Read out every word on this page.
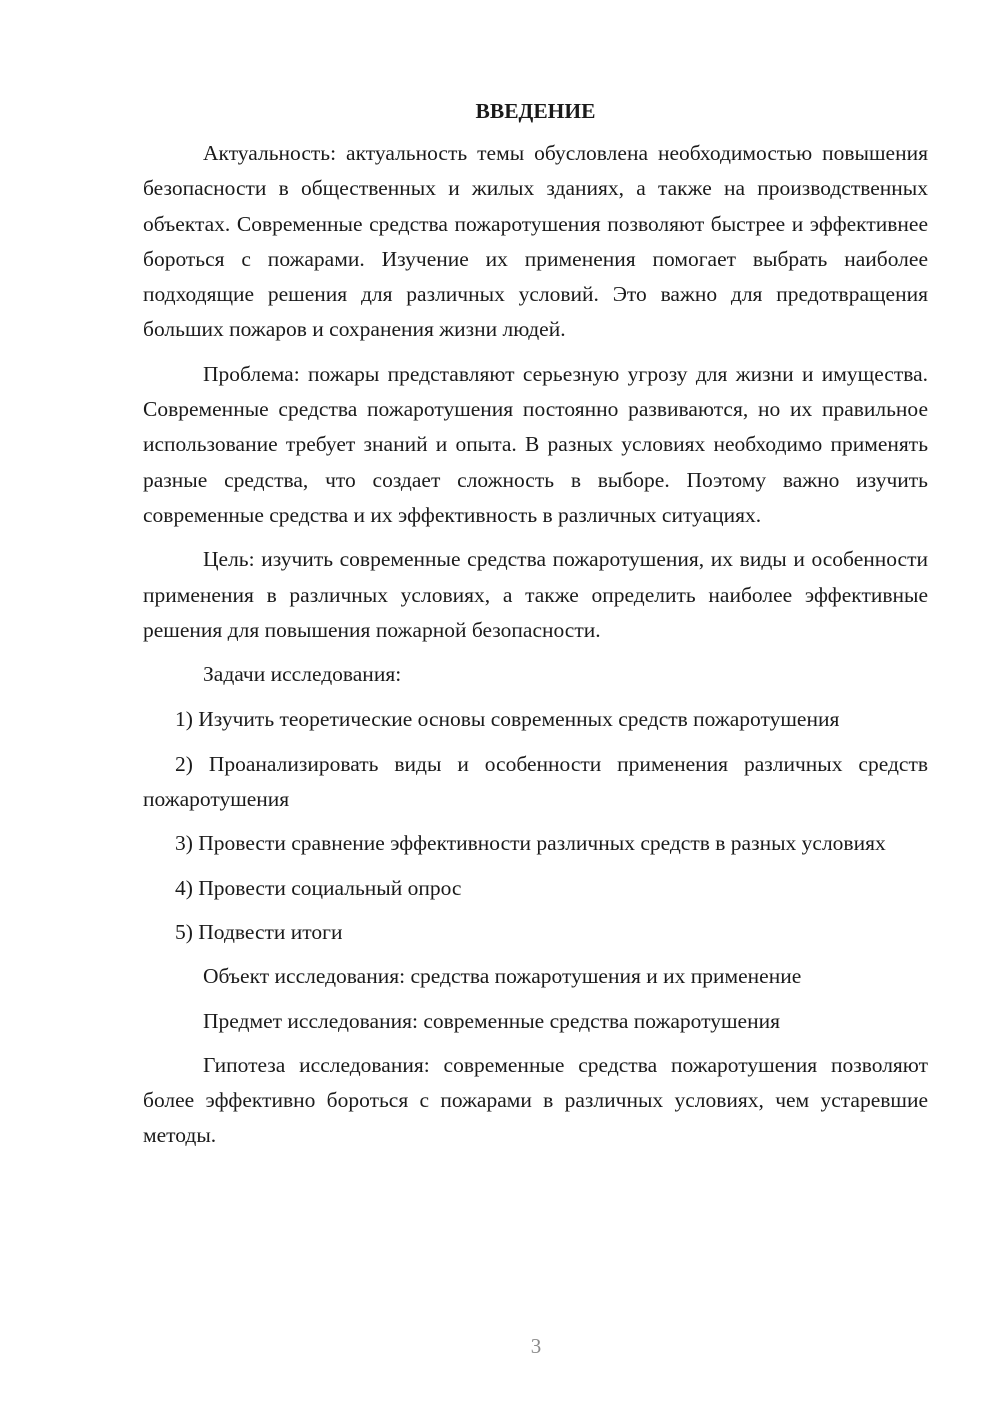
ВВЕДЕНИЕ

Актуальность: актуальность темы обусловлена необходимостью повышения безопасности в общественных и жилых зданиях, а также на производственных объектах. Современные средства пожаротушения позволяют быстрее и эффективнее бороться с пожарами. Изучение их применения помогает выбрать наиболее подходящие решения для различных условий. Это важно для предотвращения больших пожаров и сохранения жизни людей.

Проблема: пожары представляют серьезную угрозу для жизни и имущества. Современные средства пожаротушения постоянно развиваются, но их правильное использование требует знаний и опыта. В разных условиях необходимо применять разные средства, что создает сложность в выборе. Поэтому важно изучить современные средства и их эффективность в различных ситуациях.

Цель: изучить современные средства пожаротушения, их виды и особенности применения в различных условиях, а также определить наиболее эффективные решения для повышения пожарной безопасности.

Задачи исследования:

1) Изучить теоретические основы современных средств пожаротушения

2) Проанализировать виды и особенности применения различных средств пожаротушения

3) Провести сравнение эффективности различных средств в разных условиях

4) Провести социальный опрос

5) Подвести итоги

Объект исследования: средства пожаротушения и их применение

Предмет исследования: современные средства пожаротушения

Гипотеза исследования: современные средства пожаротушения позволяют более эффективно бороться с пожарами в различных условиях, чем устаревшие методы.

3
